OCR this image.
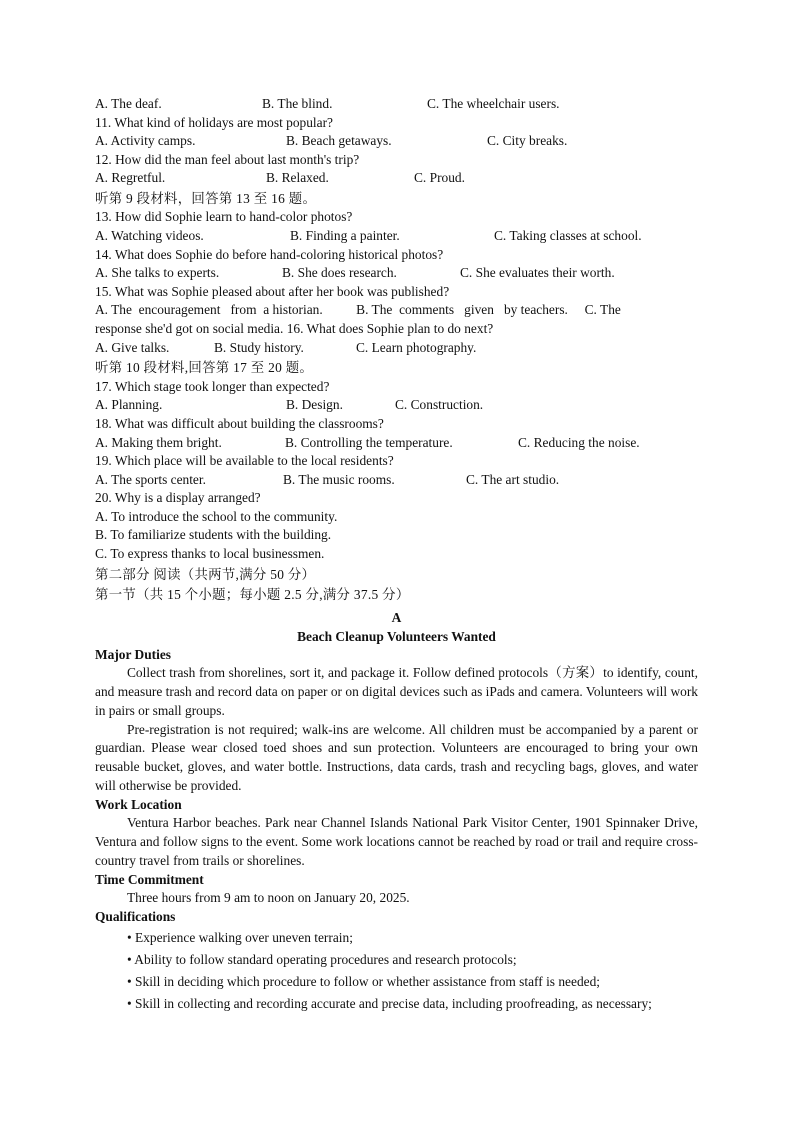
A. The deaf.	B. The blind.	C. The wheelchair users.
11. What kind of holidays are most popular?
A. Activity camps.	B. Beach getaways.	C. City breaks.
12. How did the man feel about last month's trip?
A. Regretful.	B. Relaxed.	C. Proud.
听第 9 段材料，回答第 13 至 16 题。
13. How did Sophie learn to hand-color photos?
A. Watching videos.	B. Finding a painter.	C. Taking classes at school.
14. What does Sophie do before hand-coloring historical photos?
A. She talks to experts.	B. She does research.	C. She evaluates their worth.
15. What was Sophie pleased about after her book was published?
A. The  encouragement   from  a historian.          B. The  comments   given   by teachers.     C. The
response she'd got on social media. 16. What does Sophie plan to do next?
A. Give talks.	B. Study history.	C. Learn photography.
听第 10 段材料,回答第 17 至 20 题。
17. Which stage took longer than expected?
A. Planning.	B. Design.	C. Construction.
18. What was difficult about building the classrooms?
A. Making them bright.	B. Controlling the temperature.	C. Reducing the noise.
19. Which place will be available to the local residents?
A. The sports center.	B. The music rooms.	C. The art studio.
20. Why is a display arranged?
A. To introduce the school to the community.
B. To familiarize students with the building.
C. To express thanks to local businessmen.
第二部分 阅读（共两节,满分 50 分）
第一节（共 15 个小题；每小题 2.5 分,满分 37.5 分）
A
Beach Cleanup Volunteers Wanted
Major Duties

Collect trash from shorelines, sort it, and package it. Follow defined protocols（方案）to identify, count, and measure trash and record data on paper or on digital devices such as iPads and camera. Volunteers will work in pairs or small groups.

Pre-registration is not required; walk-ins are welcome. All children must be accompanied by a parent or guardian. Please wear closed toed shoes and sun protection. Volunteers are encouraged to bring your own reusable bucket, gloves, and water bottle. Instructions, data cards, trash and recycling bags, gloves, and water will otherwise be provided.

Work Location

Ventura Harbor beaches. Park near Channel Islands National Park Visitor Center, 1901 Spinnaker Drive, Ventura and follow signs to the event. Some work locations cannot be reached by road or trail and require cross-country travel from trails or shorelines.

Time Commitment

Three hours from 9 am to noon on January 20, 2025.

Qualifications
• Experience walking over uneven terrain;
• Ability to follow standard operating procedures and research protocols;
• Skill in deciding which procedure to follow or whether assistance from staff is needed;
• Skill in collecting and recording accurate and precise data, including proofreading, as necessary;
